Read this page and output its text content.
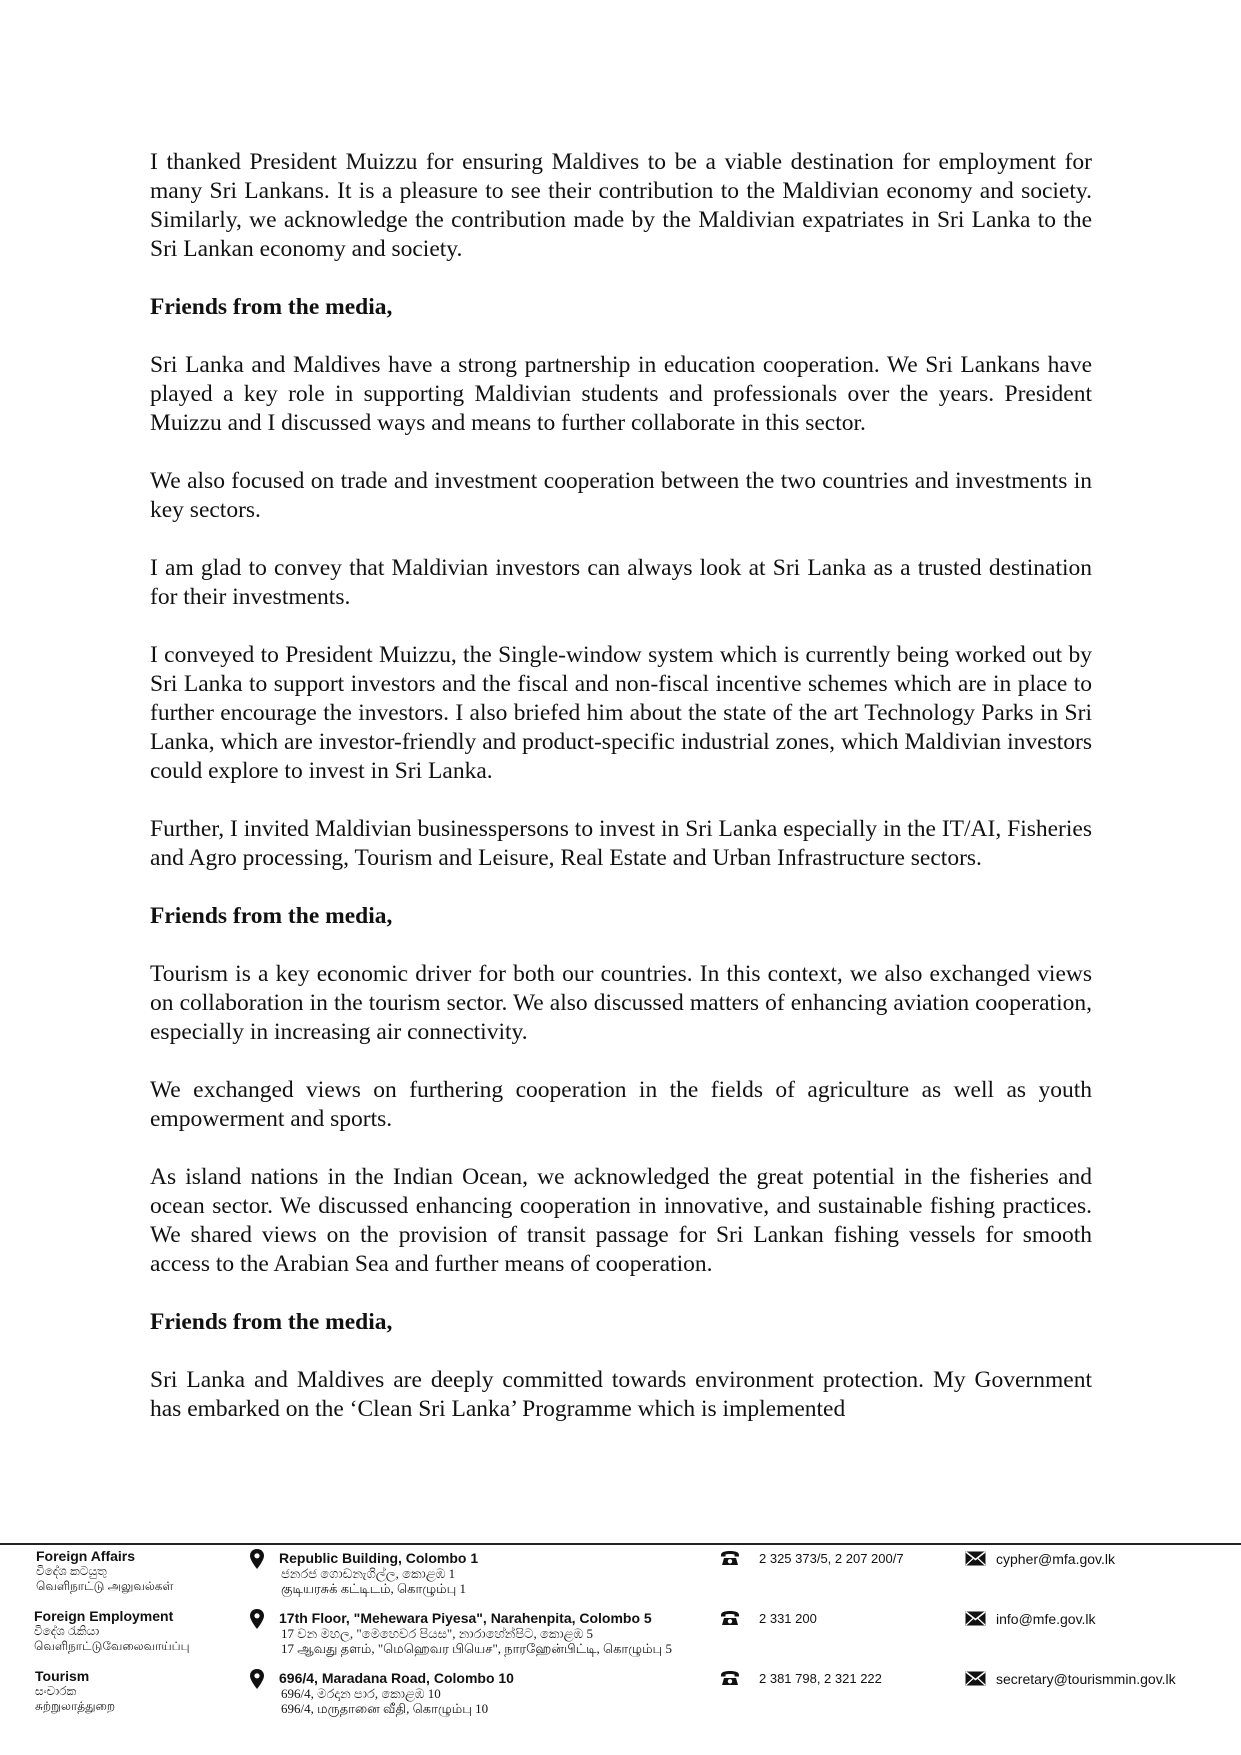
I thanked President Muizzu for ensuring Maldives to be a viable destination for employment for many Sri Lankans. It is a pleasure to see their contribution to the Maldivian economy and society. Similarly, we acknowledge the contribution made by the Maldivian expatriates in Sri Lanka to the Sri Lankan economy and society.

Friends from the media,

Sri Lanka and Maldives have a strong partnership in education cooperation. We Sri Lankans have played a key role in supporting Maldivian students and professionals over the years. President Muizzu and I discussed ways and means to further collaborate in this sector.

We also focused on trade and investment cooperation between the two countries and investments in key sectors.

I am glad to convey that Maldivian investors can always look at Sri Lanka as a trusted destination for their investments.

I conveyed to President Muizzu, the Single-window system which is currently being worked out by Sri Lanka to support investors and the fiscal and non-fiscal incentive schemes which are in place to further encourage the investors. I also briefed him about the state of the art Technology Parks in Sri Lanka, which are investor-friendly and product-specific industrial zones, which Maldivian investors could explore to invest in Sri Lanka.

Further, I invited Maldivian businesspersons to invest in Sri Lanka especially in the IT/AI, Fisheries and Agro processing, Tourism and Leisure, Real Estate and Urban Infrastructure sectors.

Friends from the media,

Tourism is a key economic driver for both our countries. In this context, we also exchanged views on collaboration in the tourism sector. We also discussed matters of enhancing aviation cooperation, especially in increasing air connectivity.

We exchanged views on furthering cooperation in the fields of agriculture as well as youth empowerment and sports.

As island nations in the Indian Ocean, we acknowledged the great potential in the fisheries and ocean sector. We discussed enhancing cooperation in innovative, and sustainable fishing practices. We shared views on the provision of transit passage for Sri Lankan fishing vessels for smooth access to the Arabian Sea and further means of cooperation.

Friends from the media,

Sri Lanka and Maldives are deeply committed towards environment protection. My Government has embarked on the ‘Clean Sri Lanka’ Programme which is implemented

Foreign Affairs
විදේශ කටයුතු
வெளிநாட்டு அலுவல்கள்
Republic Building, Colombo 1
ජනරජ ගොඩනැගිල්ල, කොළඹ 1
குடியரசுக் கட்டிடம், கொழும்பு 1
2 325 373/5, 2 207 200/7	cypher@mfa.gov.lk
Foreign Employment
විදේශ රැකියා
வெளிநாட்டுவேலைவாய்ப்பு
17th Floor, "Mehewara Piyesa", Narahenpita, Colombo 5
17 වන මහල, "මෙහෙවර පියස", නාරාහේන්පිට, කොළඹ 5
17 ஆவது தளம், "மெஹெவர பியெச", நாரஹேன்பிட்டி, கொழும்பு 5
2 331 200	info@mfe.gov.lk
Tourism
සංචාරක
சுற்றுலாத்துறை
696/4, Maradana Road, Colombo 10
696/4, මරදාන පාර, කොළඹ 10
696/4, மருதானை வீதி, கொழும்பு 10
2 381 798, 2 321 222	secretary@tourismmin.gov.lk
